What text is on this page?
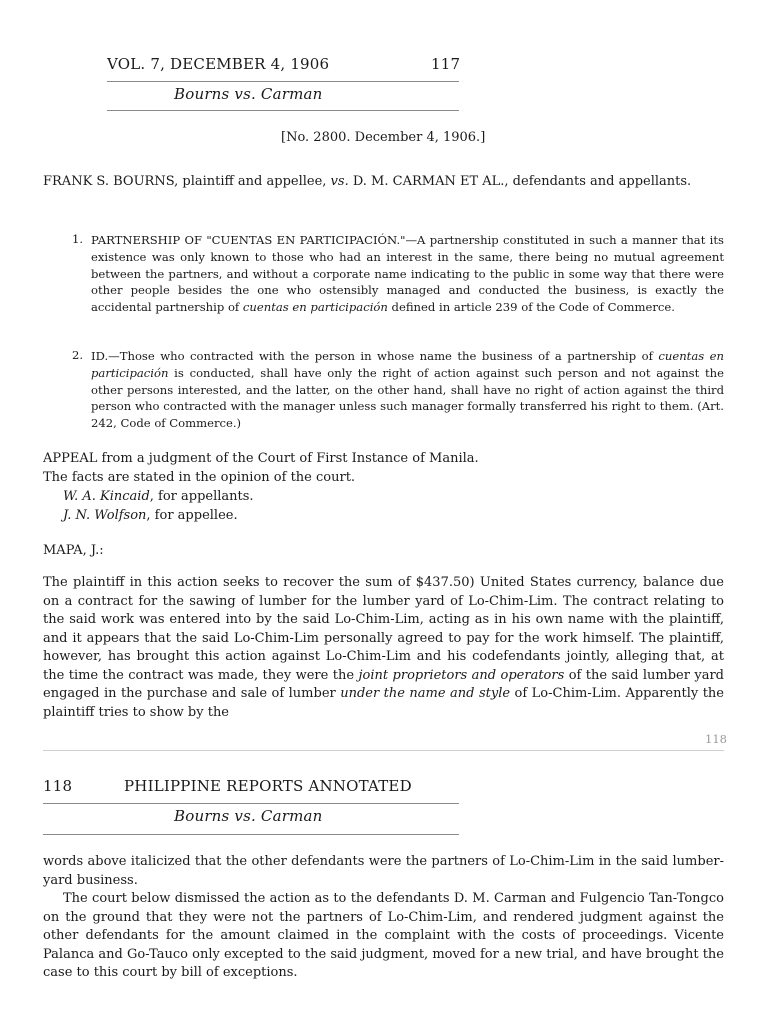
VOL. 7, DECEMBER 4, 1906	117
Bourns vs. Carman
[No. 2800. December 4, 1906.]
FRANK S. BOURNS, plaintiff and appellee, vs. D. M. CARMAN ET AL., defendants and appellants.
1. PARTNERSHIP OF "CUENTAS EN PARTICIPACIÓN."—A partnership constituted in such a manner that its existence was only known to those who had an interest in the same, there being no mutual agreement between the partners, and without a corporate name indicating to the public in some way that there were other people besides the one who ostensibly managed and conducted the business, is exactly the accidental partnership of cuentas en participación defined in article 239 of the Code of Commerce.
2. ID.—Those who contracted with the person in whose name the business of a partnership of cuentas en participación is conducted, shall have only the right of action against such person and not against the other persons interested, and the latter, on the other hand, shall have no right of action against the third person who contracted with the manager unless such manager formally transferred his right to them. (Art. 242, Code of Commerce.)
APPEAL from a judgment of the Court of First Instance of Manila.
The facts are stated in the opinion of the court.
W. A. Kincaid, for appellants.
J. N. Wolfson, for appellee.
MAPA, J.:
The plaintiff in this action seeks to recover the sum of $437.50) United States currency, balance due on a contract for the sawing of lumber for the lumber yard of Lo-Chim-Lim. The contract relating to the said work was entered into by the said Lo-Chim-Lim, acting as in his own name with the plaintiff, and it appears that the said Lo-Chim-Lim personally agreed to pay for the work himself. The plaintiff, however, has brought this action against Lo-Chim-Lim and his codefendants jointly, alleging that, at the time the contract was made, they were the joint proprietors and operators of the said lumber yard engaged in the purchase and sale of lumber under the name and style of Lo-Chim-Lim. Apparently the plaintiff tries to show by the
118
118	PHILIPPINE REPORTS ANNOTATED
Bourns vs. Carman
words above italicized that the other defendants were the partners of Lo-Chim-Lim in the said lumber-yard business.
The court below dismissed the action as to the defendants D. M. Carman and Fulgencio Tan-Tongco on the ground that they were not the partners of Lo-Chim-Lim, and rendered judgment against the other defendants for the amount claimed in the complaint with the costs of proceedings. Vicente Palanca and Go-Tauco only excepted to the said judgment, moved for a new trial, and have brought the case to this court by bill of exceptions.
